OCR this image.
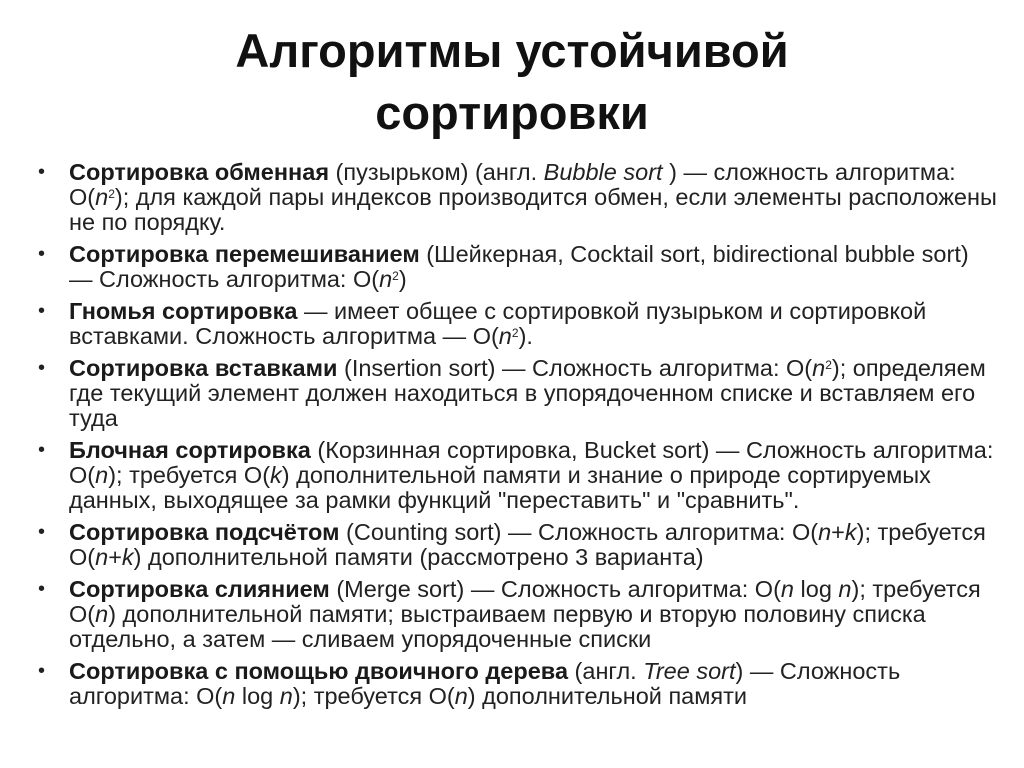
Алгоритмы устойчивой
сортировки
• Сортировка обменная (пузырьком) (англ. Bubble sort ) — сложность алгоритма: $O(n^2)$; для каждой пары индексов производится обмен, если элементы расположены не по порядку.
• Сортировка перемешиванием (Шейкерная, Cocktail sort, bidirectional bubble sort) — Сложность алгоритма: $O(n^2)$
• Гномья сортировка — имеет общее с сортировкой пузырьком и сортировкой вставками. Сложность алгоритма — $O(n^2)$.
• Сортировка вставками (Insertion sort) — Сложность алгоритма: $O(n^2)$; определяем где текущий элемент должен находиться в упорядоченном списке и вставляем его туда
• Блочная сортировка (Корзинная сортировка, Bucket sort) — Сложность алгоритма: O(n); требуется O(k) дополнительной памяти и знание о природе сортируемых данных, выходящее за рамки функций "переставить" и "сравнить".
• Сортировка подсчётом (Counting sort) — Сложность алгоритма: O(n+k); требуется O(n+k) дополнительной памяти (рассмотрено 3 варианта)
• Сортировка слиянием (Merge sort) — Сложность алгоритма: O(n log n); требуется O(n) дополнительной памяти; выстраиваем первую и вторую половину списка отдельно, а затем — сливаем упорядоченные списки
• Сортировка с помощью двоичного дерева (англ. Tree sort) — Сложность алгоритма: O(n log n); требуется O(n) дополнительной памяти
